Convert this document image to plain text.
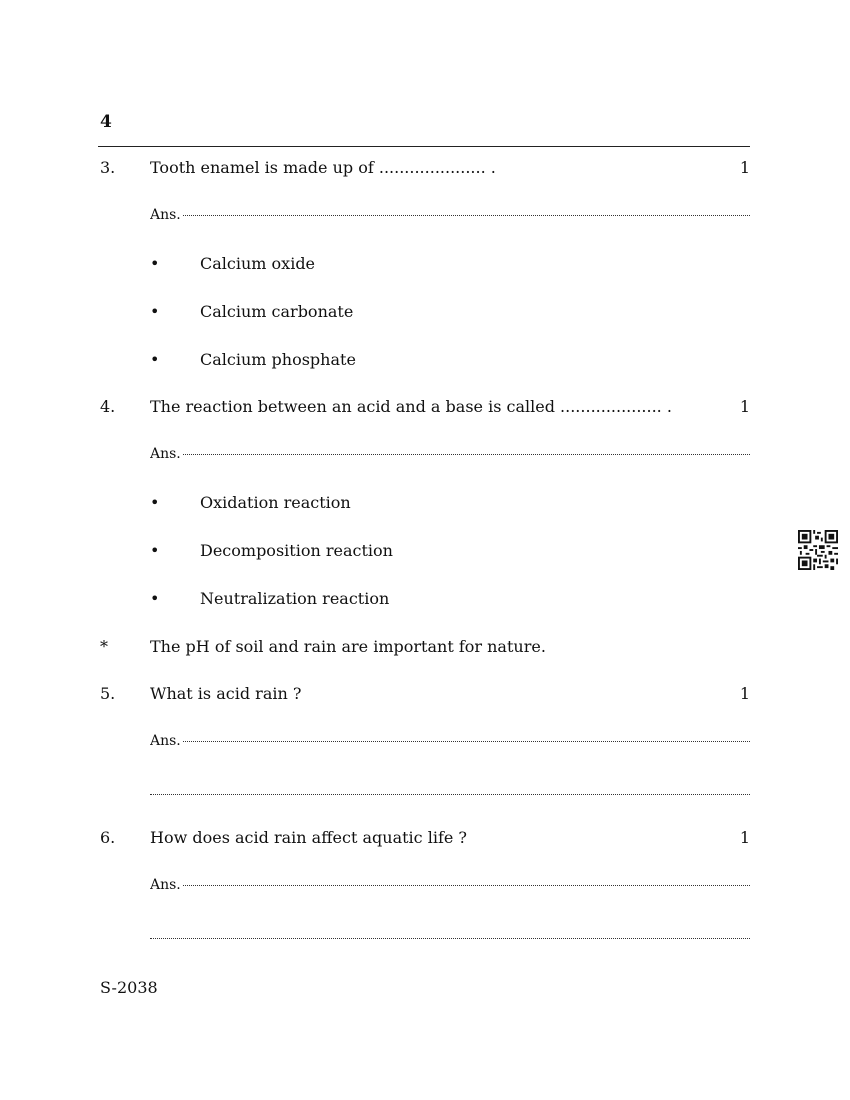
4
3. Tooth enamel is made up of ..................... .	1
Ans.
•	Calcium oxide
•	Calcium carbonate
•	Calcium phosphate
4. The reaction between an acid and a base is called .................... .	1
Ans.
•	Oxidation reaction
•	Decomposition reaction
•	Neutralization reaction
*	The pH of soil and rain are important for nature.
5. What is acid rain ?	1
Ans.
6. How does acid rain affect aquatic life ?	1
Ans.
S-2038
